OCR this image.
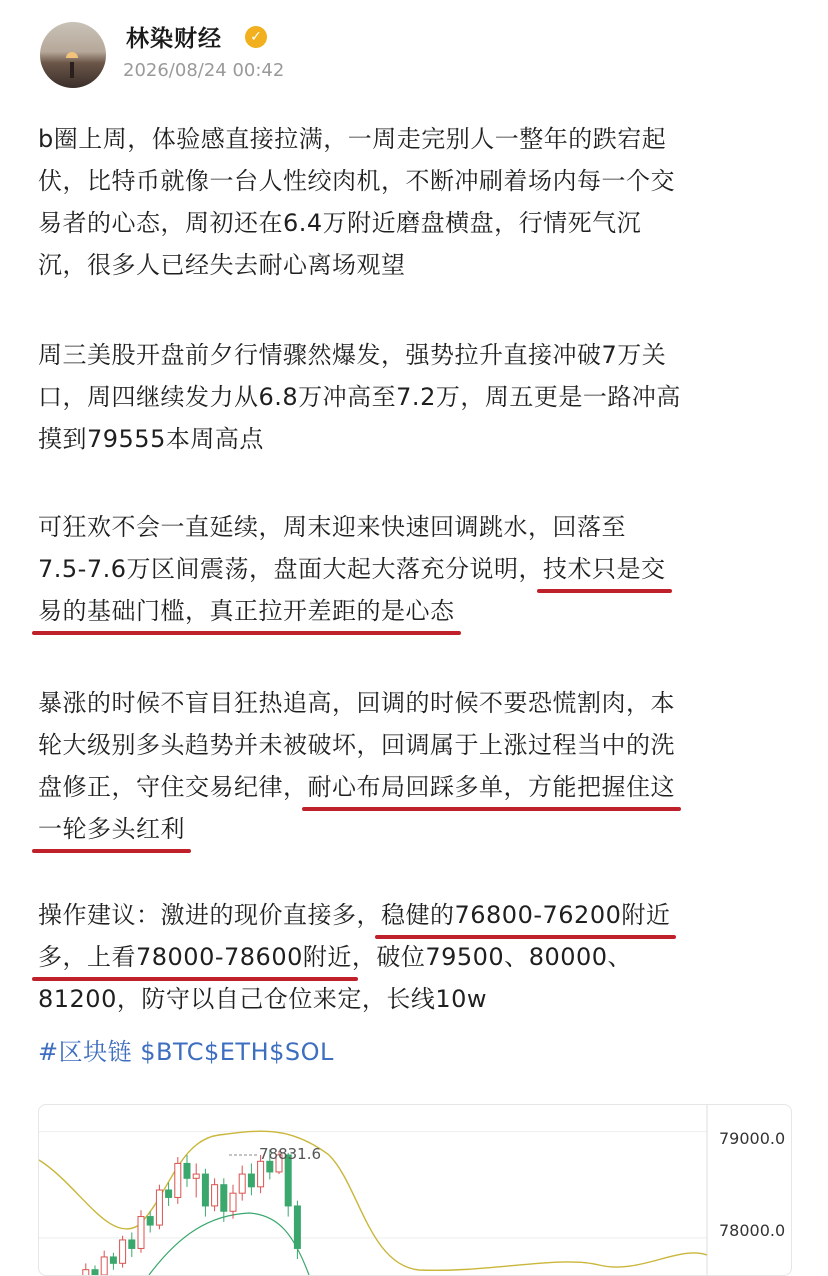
林染财经	✓
2026/08/24 00:42
b圈上周，体验感直接拉满，一周走完别人一整年的跌宕起
伏，比特币就像一台人性绞肉机，不断冲刷着场内每一个交
易者的心态，周初还在6.4万附近磨盘横盘，行情死气沉
沉，很多人已经失去耐心离场观望
周三美股开盘前夕行情骤然爆发，强势拉升直接冲破7万关
口，周四继续发力从6.8万冲高至7.2万，周五更是一路冲高
摸到79555本周高点
可狂欢不会一直延续，周末迎来快速回调跳水，回落至
7.5-7.6万区间震荡，盘面大起大落充分说明，技术只是交
易的基础门槛，真正拉开差距的是心态
暴涨的时候不盲目狂热追高，回调的时候不要恐慌割肉，本
轮大级别多头趋势并未被破坏，回调属于上涨过程当中的洗
盘修正，守住交易纪律，耐心布局回踩多单，方能把握住这
一轮多头红利
操作建议：激进的现价直接多，稳健的76800-76200附近
多，上看78000-78600附近，破位79500、80000、
81200，防守以自己仓位来定，长线10w
#区块链 $BTC$ETH$SOL
79000.0
78000.0
78831.6
